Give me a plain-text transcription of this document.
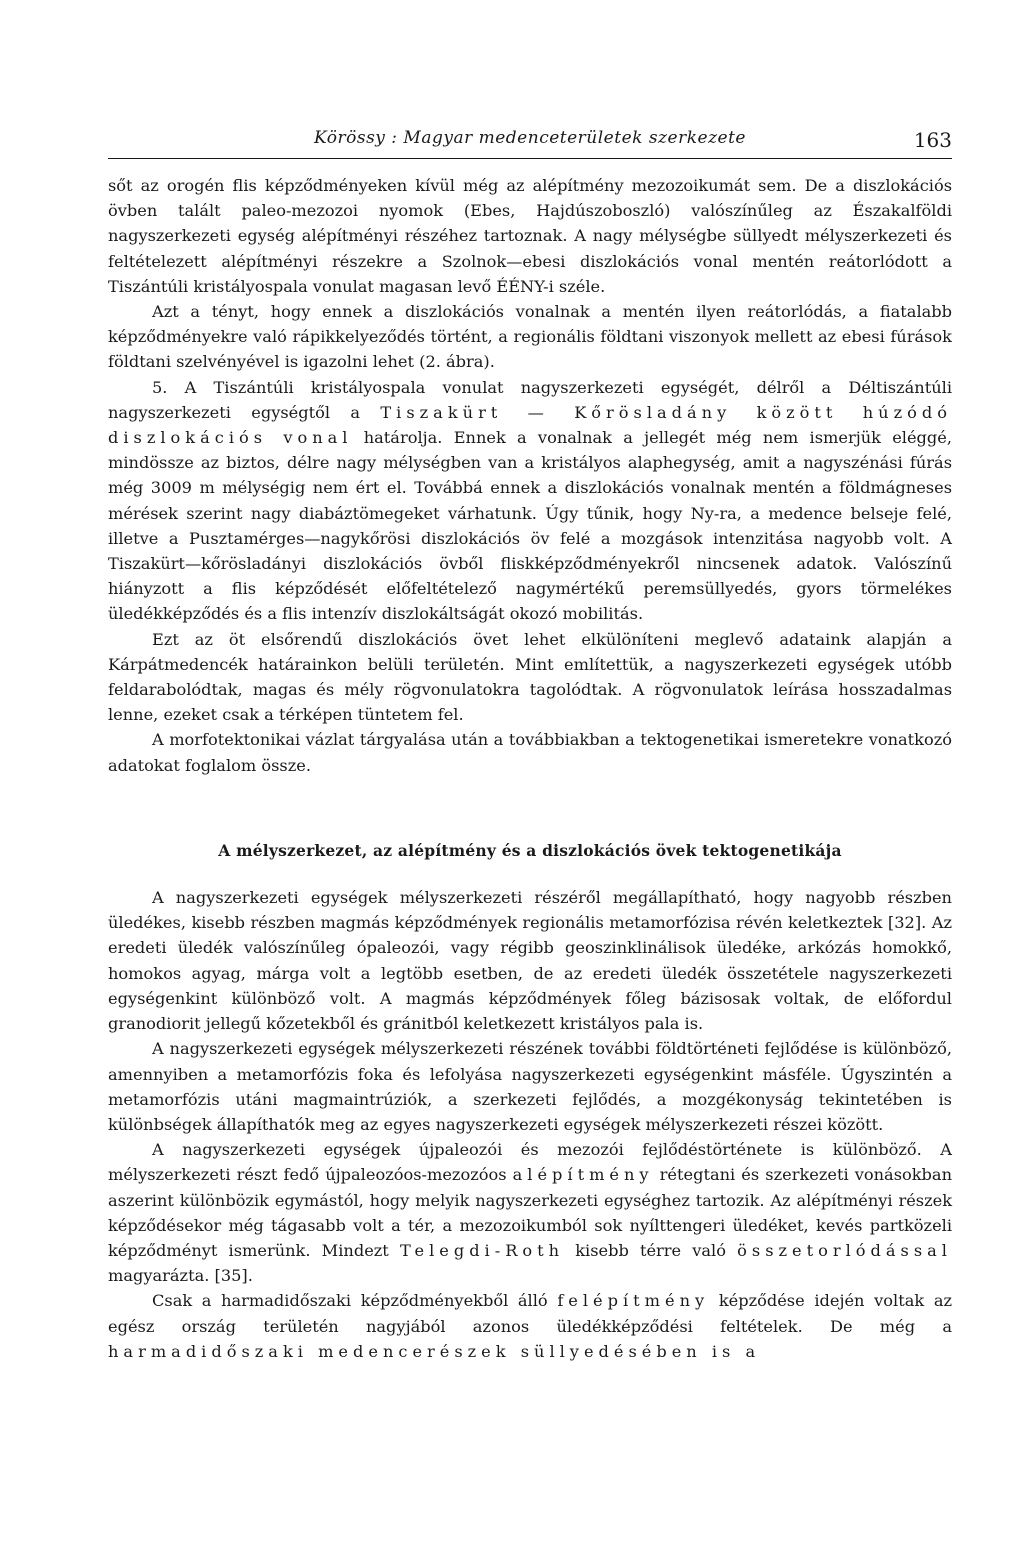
Körössy : Magyar medenceterületek szerkezete	163

sőt az orogén flis képződményeken kívül még az alépítmény mezozoikumát sem. De a diszlokációs övben talált paleo-mezozoi nyomok (Ebes, Hajdúszoboszló) valószínűleg az Északalföldi nagyszerkezeti egység alépítményi részéhez tartoznak. A nagy mélységbe süllyedt mélyszerkezeti és feltételezett alépítményi részekre a Szolnok—ebesi diszlokációs vonal mentén reátorlódott a Tiszántúli kristályospala vonulat magasan levő ÉÉNY-i széle.

Azt a tényt, hogy ennek a diszlokációs vonalnak a mentén ilyen reátorlódás, a fiatalabb képződményekre való rápikkelyeződés történt, a regionális földtani viszonyok mellett az ebesi fúrások földtani szelvényével is igazolni lehet (2. ábra).

5. A Tiszántúli kristályospala vonulat nagyszerkezeti egységét, délről a Déltiszántúli nagyszerkezeti egységtől a Tiszakürt — Kőrösladány között húzódó diszlokációs vonal határolja. Ennek a vonalnak a jellegét még nem ismerjük eléggé, mindössze az biztos, délre nagy mélységben van a kristályos alaphegység, amit a nagyszénási fúrás még 3009 m mélységig nem ért el. Továbbá ennek a diszlokációs vonalnak mentén a földmágneses mérések szerint nagy diabáztömegeket várhatunk. Úgy tűnik, hogy Ny-ra, a medence belseje felé, illetve a Pusztamérges—nagykőrösi diszlokációs öv felé a mozgások intenzitása nagyobb volt. A Tiszakürt—kőrösladányi diszlokációs övből fliskképződményekről nincsenek adatok. Valószínű hiányzott a flis képződését előfeltételező nagymértékű peremsüllyedés, gyors törmelékes üledékképződés és a flis intenzív diszlokáltságát okozó mobilitás.

Ezt az öt elsőrendű diszlokációs övet lehet elkülöníteni meglevő adataink alapján a Kárpátmedencék határainkon belüli területén. Mint említettük, a nagyszerkezeti egységek utóbb feldarabolódtak, magas és mély rögvonulatokra tagolódtak. A rögvonulatok leírása hosszadalmas lenne, ezeket csak a térképen tüntetem fel.

A morfotektonikai vázlat tárgyalása után a továbbiakban a tektogenetikai ismeretekre vonatkozó adatokat foglalom össze.

A mélyszerkezet, az alépítmény és a diszlokációs övek tektogenetikája

A nagyszerkezeti egységek mélyszerkezeti részéről megállapítható, hogy nagyobb részben üledékes, kisebb részben magmás képződmények regionális metamorfózisa révén keletkeztek [32]. Az eredeti üledék valószínűleg ópaleozói, vagy régibb geoszinklinálisok üledéke, arkózás homokkő, homokos agyag, márga volt a legtöbb esetben, de az eredeti üledék összetétele nagyszerkezeti egységenkint különböző volt. A magmás képződmények főleg bázisosak voltak, de előfordul granodiorit jellegű kőzetekből és gránitból keletkezett kristályos pala is.

A nagyszerkezeti egységek mélyszerkezeti részének további földtörténeti fejlődése is különböző, amennyiben a metamorfózis foka és lefolyása nagyszerkezeti egységenkint másféle. Úgyszintén a metamorfózis utáni magmaintrúziók, a szerkezeti fejlődés, a mozgékonyság tekintetében is különbségek állapíthatók meg az egyes nagyszerkezeti egységek mélyszerkezeti részei között.

A nagyszerkezeti egységek újpaleozói és mezozói fejlődéstörténete is különböző. A mélyszerkezeti részt fedő újpaleozóos-mezozóos alépítmény rétegtani és szerkezeti vonásokban aszerint különbözik egymástól, hogy melyik nagyszerkezeti egységhez tartozik. Az alépítményi részek képződésekor még tágasabb volt a tér, a mezozoikumból sok nyílttengeri üledéket, kevés partközeli képződményt ismerünk. Mindezt Telegdi-Roth kisebb térre való összetorlódással magyarázta. [35].

Csak a harmadidőszaki képződményekből álló felépítmény képződése idején voltak az egész ország területén nagyjából azonos üledékképződési feltételek. De még a harmadidőszaki medencerészek süllyedésében is a
